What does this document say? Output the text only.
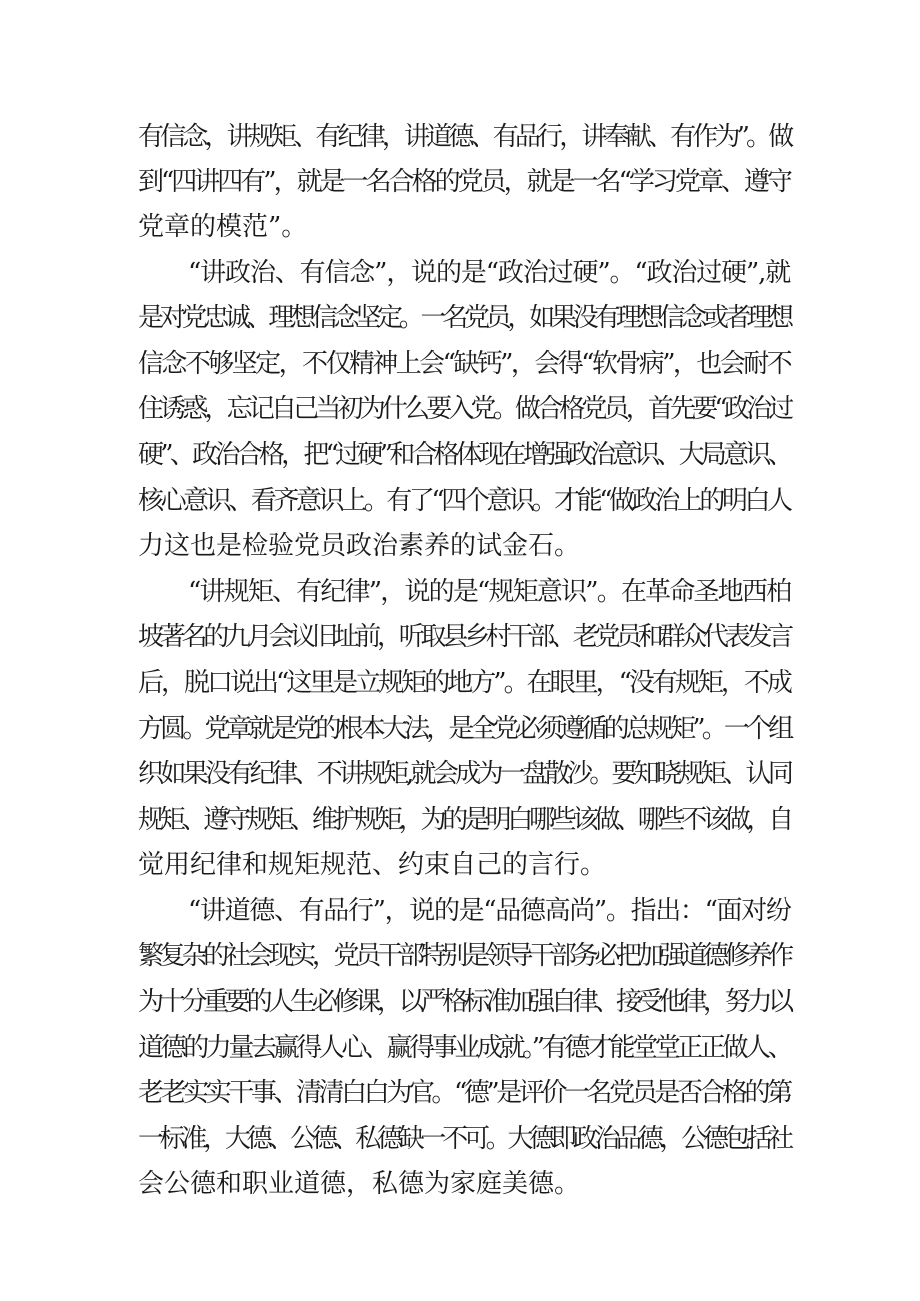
有信念，讲规矩、有纪律，讲道德、有品行，讲奉献、有作为”。做
到“四讲四有”，就是一名合格的党员，就是一名“学习党章、遵守
党章的模范”。
“讲政治、有信念”，说的是“政治过硬”。“政治过硬”,就
是对党忠诚、理想信念坚定。一名党员，如果没有理想信念或者理想
信念不够坚定，不仅精神上会“缺钙”，会得“软骨病”，也会耐不
住诱惑，忘记自己当初为什么要入党。做合格党员，首先要“政治过
硬”、政治合格，把“过硬”和合格体现在增强政治意识、大局意识、
核心意识、看齐意识上。有了“四个意识。才能“做政治上的明白人
力这也是检验党员政治素养的试金石。
“讲规矩、有纪律”，说的是“规矩意识”。在革命圣地西柏
坡著名的九月会议旧址前，听取县乡村干部、老党员和群众代表发言
后，脱口说出“这里是立规矩的地方”。在眼里，“没有规矩，不成
方圆。党章就是党的根本大法，是全党必须遵循的总规矩”。一个组
织如果没有纪律、不讲规矩,就会成为一盘散沙。要知晓规矩、认同
规矩、遵守规矩、维护规矩，为的是明白哪些该做、哪些不该做，自
觉用纪律和规矩规范、约束自己的言行。
“讲道德、有品行”，说的是“品德高尚”。指出：“面对纷
繁复杂的社会现实，党员干部特别是领导干部务必把加强道德修养作
为十分重要的人生必修课，以严格标准加强自律、接受他律，努力以
道德的力量去赢得人心、赢得事业成就。”有德才能堂堂正正做人、
老老实实干事、清清白白为官。“德”是评价一名党员是否合格的第
一标准，大德、公德、私德缺一不可。大德即政治品德，公德包括社
会公德和职业道德，私德为家庭美德。
